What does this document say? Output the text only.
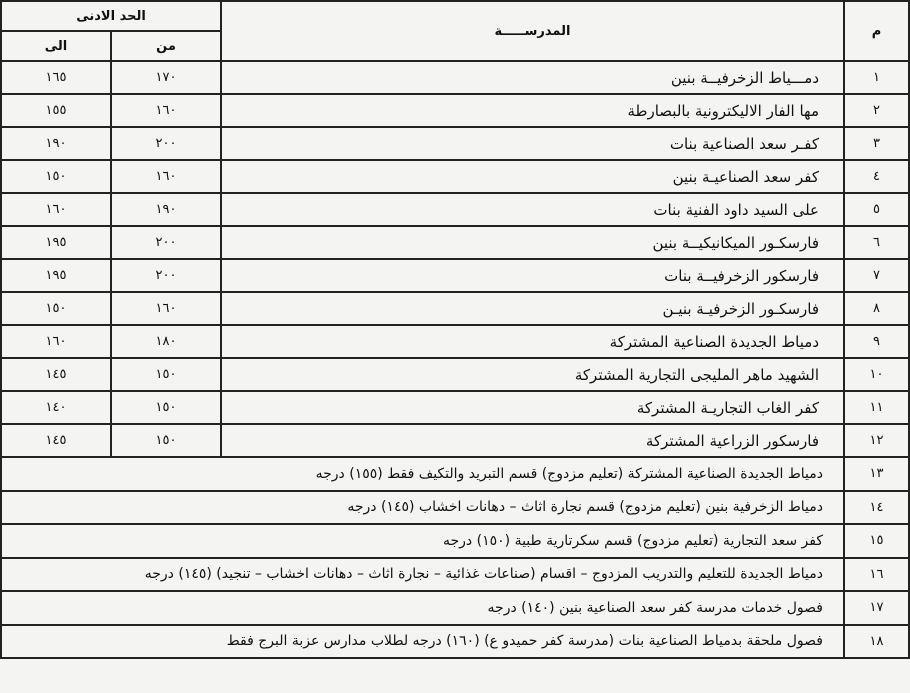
م	المدرســـــة	الحد الادنى	
		من	الى
١	دمـــياط الزخرفيــة بنين	١٧٠	١٦٥
٢	مها الفار الاليكترونية بالبصارطة	١٦٠	١٥٥
٣	كفـر سعد الصناعية بنات	٢٠٠	١٩٠
٤	كفر سعد الصناعيـة بنين	١٦٠	١٥٠
٥	على السيد داود الفنية بنات	١٩٠	١٦٠
٦	فارسكـور الميكانيكيــة بنين	٢٠٠	١٩٥
٧	فارسكور الزخرفيــة بنات	٢٠٠	١٩٥
٨	فارسكـور الزخرفيـة بنيـن	١٦٠	١٥٠
٩	دمياط الجديدة الصناعية المشتركة	١٨٠	١٦٠
١٠	الشهيد ماهر المليجى التجارية المشتركة	١٥٠	١٤٥
١١	كفر الغاب التجاريـة المشتركة	١٥٠	١٤٠
١٢	فارسكور الزراعية المشتركة	١٥٠	١٤٥
١٣	دمياط الجديدة الصناعية المشتركة (تعليم مزدوج) قسم التبريد والتكيف فقط (١٥٥) درجه		
١٤	دمياط الزخرفية بنين (تعليم مزدوج) قسم نجارة اثاث – دهانات اخشاب (١٤٥) درجه		
١٥	كفر سعد التجارية (تعليم مزدوج) قسم سكرتارية طبية (١٥٠) درجه		
١٦	دمياط الجديدة للتعليم والتدريب المزدوج – اقسام (صناعات غذائية – نجارة اثاث – دهانات اخشاب – تنجيد) (١٤٥) درجه		
١٧	فصول خدمات مدرسة كفر سعد الصناعية بنين (١٤٠) درجه		
١٨	فصول ملحقة بدمياط الصناعية بنات (مدرسة كفر حميدو ع) (١٦٠) درجه لطلاب مدارس عزبة البرج فقط		
